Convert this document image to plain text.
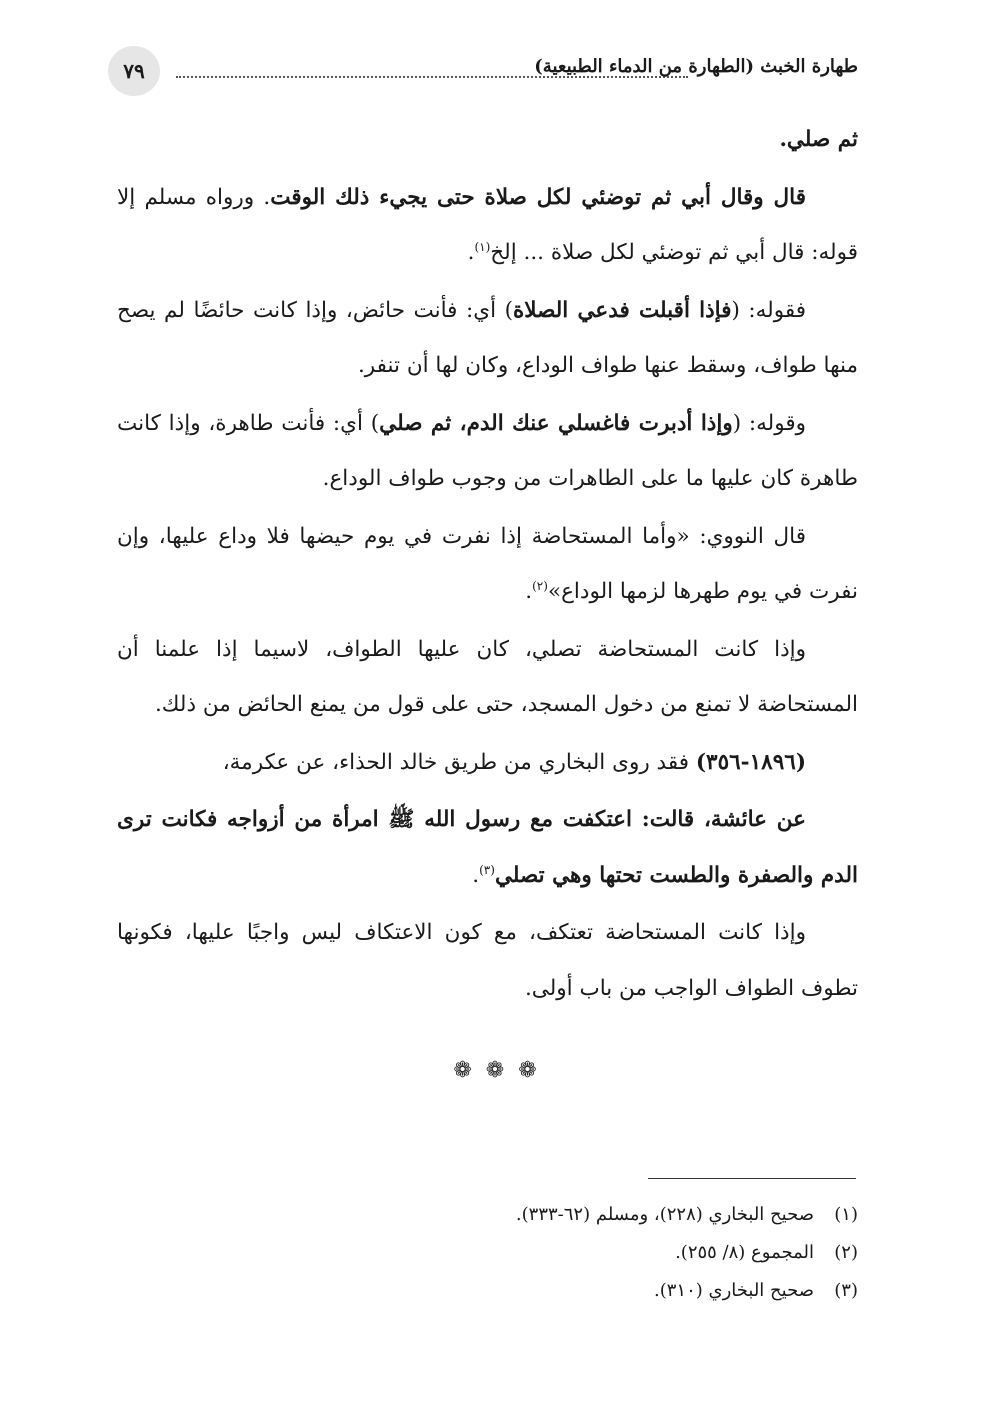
٧٩	طهارة الخبث (الطهارة من الدماء الطبيعية)

ثم صلي.

قال وقال أبي ثم توضئي لكل صلاة حتى يجيء ذلك الوقت. ورواه مسلم إلا قوله: قال أبي ثم توضئي لكل صلاة ... إلخ$^{(١)}$.

فقوله: (فإذا أقبلت فدعي الصلاة) أي: فأنت حائض، وإذا كانت حائضًا لم يصح منها طواف، وسقط عنها طواف الوداع، وكان لها أن تنفر.

وقوله: (وإذا أدبرت فاغسلي عنك الدم، ثم صلي) أي: فأنت طاهرة، وإذا كانت طاهرة كان عليها ما على الطاهرات من وجوب طواف الوداع.

قال النووي: «وأما المستحاضة إذا نفرت في يوم حيضها فلا وداع عليها، وإن نفرت في يوم طهرها لزمها الوداع»$^{(٢)}$.

وإذا كانت المستحاضة تصلي، كان عليها الطواف، لاسيما إذا علمنا أن المستحاضة لا تمنع من دخول المسجد، حتى على قول من يمنع الحائض من ذلك.

(١٨٩٦-٣٥٦) فقد روى البخاري من طريق خالد الحذاء، عن عكرمة،

عن عائشة، قالت: اعتكفت مع رسول الله ﷺ امرأة من أزواجه فكانت ترى الدم والصفرة والطست تحتها وهي تصلي$^{(٣)}$.

وإذا كانت المستحاضة تعتكف، مع كون الاعتكاف ليس واجبًا عليها، فكونها تطوف الطواف الواجب من باب أولى.

❁❁❁
(١)صحيح البخاري (٢٢٨)، ومسلم (٦٢-٣٣٣).
(٢)المجموع (٨/ ٢٥٥).
(٣)صحيح البخاري (٣١٠).
